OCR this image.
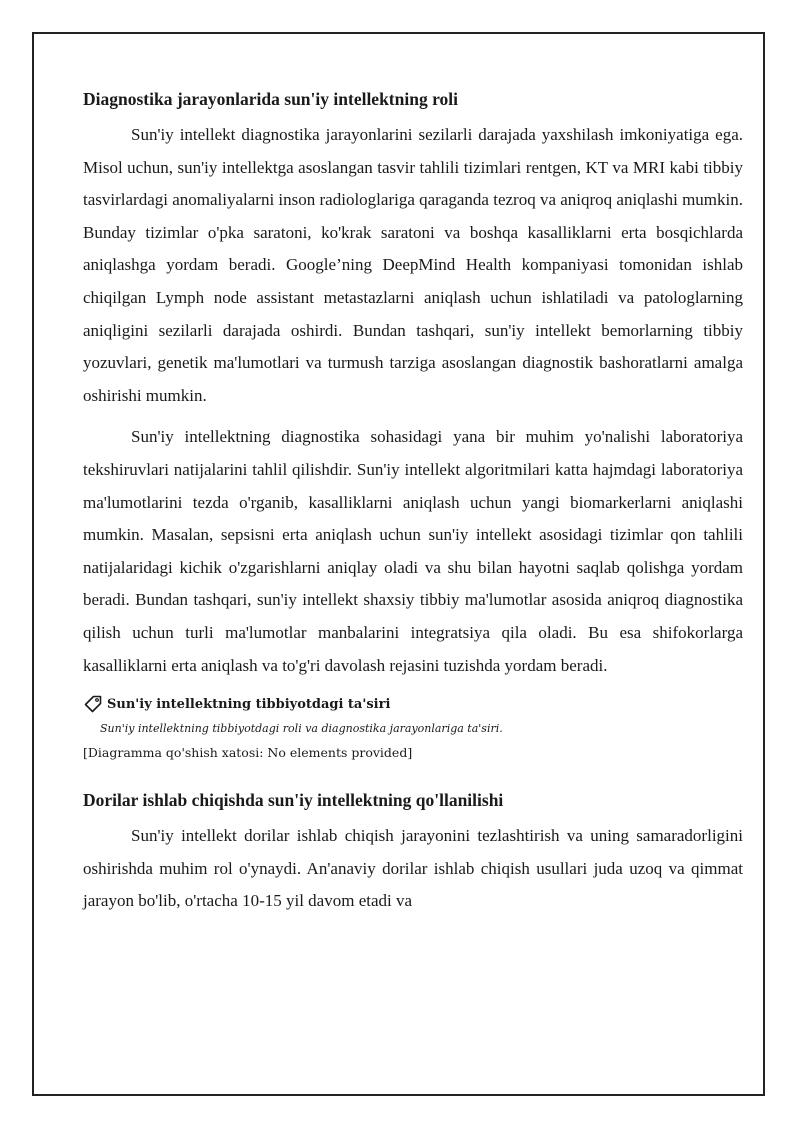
Diagnostika jarayonlarida sun'iy intellektning roli

Sun'iy intellekt diagnostika jarayonlarini sezilarli darajada yaxshilash imkoniyatiga ega. Misol uchun, sun'iy intellektga asoslangan tasvir tahlili tizimlari rentgen, KT va MRI kabi tibbiy tasvirlardagi anomaliyalarni inson radiologlariga qaraganda tezroq va aniqroq aniqlashi mumkin. Bunday tizimlar o'pka saratoni, ko'krak saratoni va boshqa kasalliklarni erta bosqichlarda aniqlashga yordam beradi. Google’ning DeepMind Health kompaniyasi tomonidan ishlab chiqilgan Lymph node assistant metastazlarni aniqlash uchun ishlatiladi va patologlarning aniqligini sezilarli darajada oshirdi. Bundan tashqari, sun'iy intellekt bemorlarning tibbiy yozuvlari, genetik ma'lumotlari va turmush tarziga asoslangan diagnostik bashoratlarni amalga oshirishi mumkin.

Sun'iy intellektning diagnostika sohasidagi yana bir muhim yo'nalishi laboratoriya tekshiruvlari natijalarini tahlil qilishdir. Sun'iy intellekt algoritmilari katta hajmdagi laboratoriya ma'lumotlarini tezda o'rganib, kasalliklarni aniqlash uchun yangi biomarkerlarni aniqlashi mumkin. Masalan, sepsisni erta aniqlash uchun sun'iy intellekt asosidagi tizimlar qon tahlili natijalaridagi kichik o'zgarishlarni aniqlay oladi va shu bilan hayotni saqlab qolishga yordam beradi. Bundan tashqari, sun'iy intellekt shaxsiy tibbiy ma'lumotlar asosida aniqroq diagnostika qilish uchun turli ma'lumotlar manbalarini integratsiya qila oladi. Bu esa shifokorlarga kasalliklarni erta aniqlash va to'g'ri davolash rejasini tuzishda yordam beradi.

Sun'iy intellektning tibbiyotdagi ta'siri
Sun'iy intellektning tibbiyotdagi roli va diagnostika jarayonlariga ta'siri.
[Diagramma qo'shish xatosi: No elements provided]
Dorilar ishlab chiqishda sun'iy intellektning qo'llanilishi

Sun'iy intellekt dorilar ishlab chiqish jarayonini tezlashtirish va uning samaradorligini oshirishda muhim rol o'ynaydi. An'anaviy dorilar ishlab chiqish usullari juda uzoq va qimmat jarayon bo'lib, o'rtacha 10-15 yil davom etadi va
